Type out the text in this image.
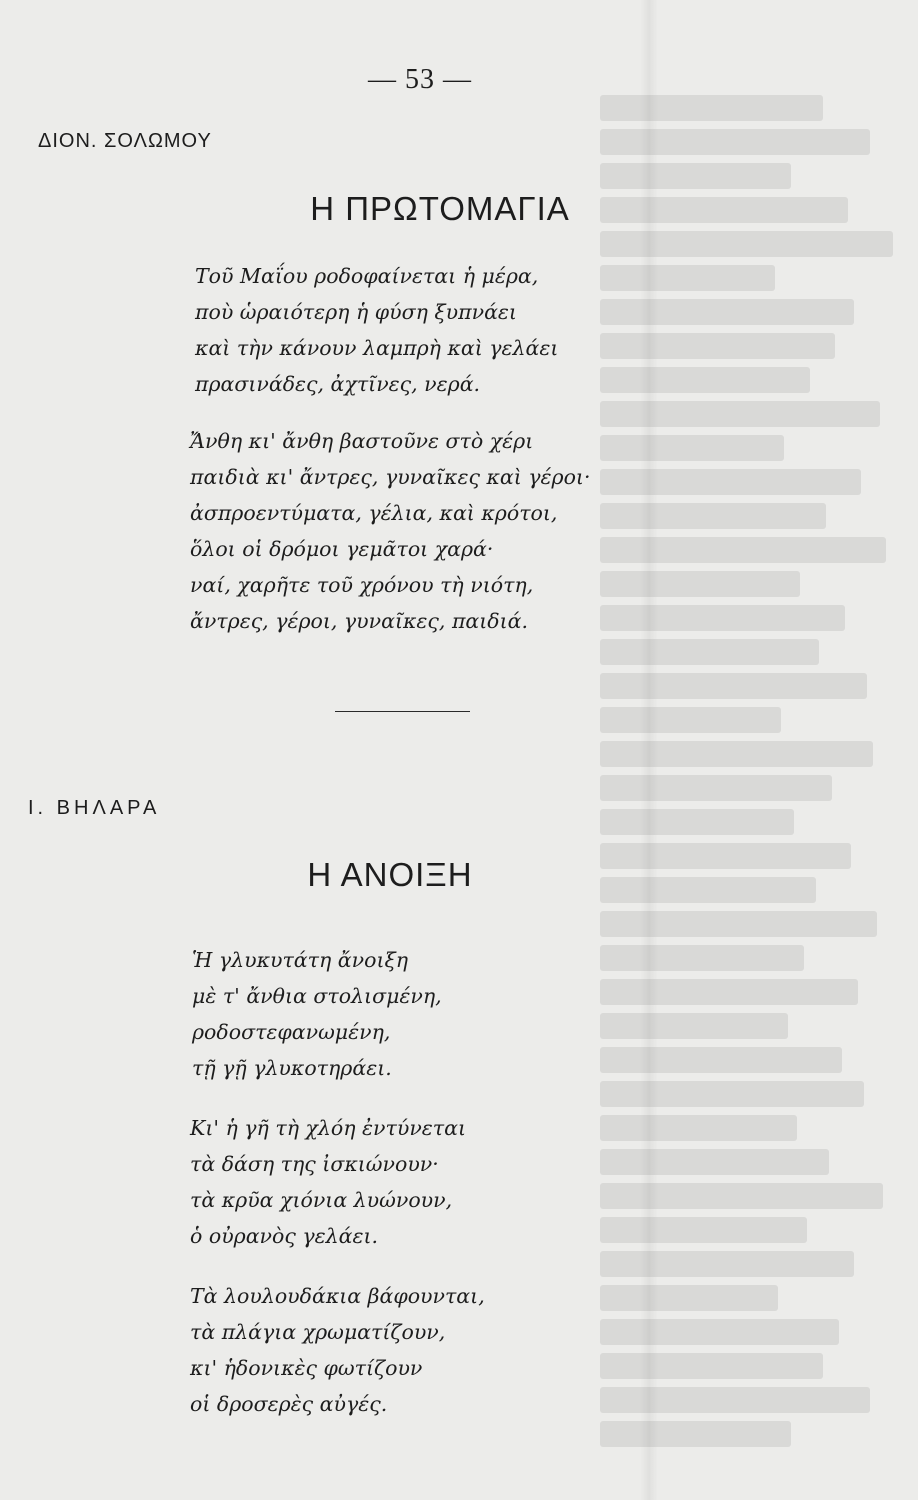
— 53 —
ΔΙΟΝ. ΣΟΛΩΜΟΥ
Η ΠΡΩΤΟΜΑΓΙΑ
Τοῦ Μαΐου ροδοφαίνεται ἡ μέρα,
ποὺ ὡραιότερη ἡ φύση ξυπνάει
καὶ τὴν κάνουν λαμπρὴ καὶ γελάει
πρασινάδες, ἀχτῖνες, νερά.
Ἄνθη κι' ἄνθη βαστοῦνε στὸ χέρι
παιδιὰ κι' ἄντρες, γυναῖκες καὶ γέροι·
ἀσπροεντύματα, γέλια, καὶ κρότοι,
ὅλοι οἱ δρόμοι γεμᾶτοι χαρά·
ναί, χαρῆτε τοῦ χρόνου τὴ νιότη,
ἄντρες, γέροι, γυναῖκες, παιδιά.
Ι. ΒΗΛΑΡΑ
Η ΑΝΟΙΞΗ
Ἡ γλυκυτάτη ἄνοιξη
μὲ τ' ἄνθια στολισμένη,
ροδοστεφανωμένη,
τῇ γῇ γλυκοτηράει.
Κι' ἡ γῆ τὴ χλόη ἐντύνεται
τὰ δάση της ἰσκιώνουν·
τὰ κρῦα χιόνια λυώνουν,
ὁ οὐρανὸς γελάει.
Τὰ λουλουδάκια βάφουνται,
τὰ πλάγια χρωματίζουν,
κι' ἡδονικὲς φωτίζουν
οἱ δροσερὲς αὐγές.
